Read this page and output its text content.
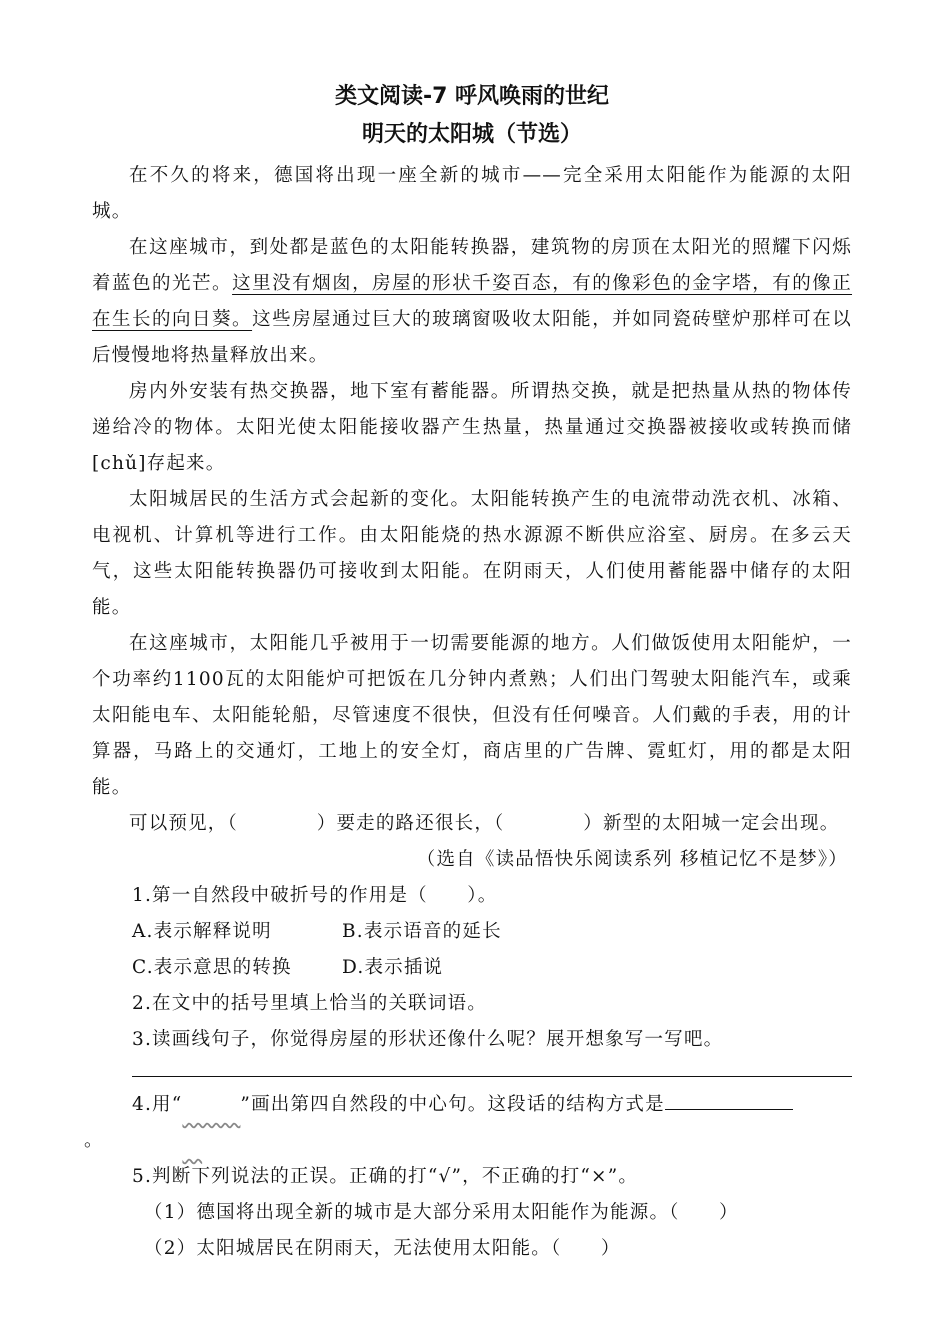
类文阅读-7 呼风唤雨的世纪
明天的太阳城（节选）

在不久的将来，德国将出现一座全新的城市——完全采用太阳能作为能源的太阳城。

在这座城市，到处都是蓝色的太阳能转换器，建筑物的房顶在太阳光的照耀下闪烁着蓝色的光芒。这里没有烟囱，房屋的形状千姿百态，有的像彩色的金字塔，有的像正在生长的向日葵。这些房屋通过巨大的玻璃窗吸收太阳能，并如同瓷砖壁炉那样可在以后慢慢地将热量释放出来。

房内外安装有热交换器，地下室有蓄能器。所谓热交换，就是把热量从热的物体传递给冷的物体。太阳光使太阳能接收器产生热量，热量通过交换器被接收或转换而储[chǔ]存起来。

太阳城居民的生活方式会起新的变化。太阳能转换产生的电流带动洗衣机、冰箱、电视机、计算机等进行工作。由太阳能烧的热水源源不断供应浴室、厨房。在多云天气，这些太阳能转换器仍可接收到太阳能。在阴雨天，人们使用蓄能器中储存的太阳能。

在这座城市，太阳能几乎被用于一切需要能源的地方。人们做饭使用太阳能炉，一个功率约1100瓦的太阳能炉可把饭在几分钟内煮熟；人们出门驾驶太阳能汽车，或乘太阳能电车、太阳能轮船，尽管速度不很快，但没有任何噪音。人们戴的手表，用的计算器，马路上的交通灯，工地上的安全灯，商店里的广告牌、霓虹灯，用的都是太阳能。

可以预见，（　　　　）要走的路还很长，（　　　　）新型的太阳城一定会出现。

（选自《读品悟快乐阅读系列 移植记忆不是梦》）

1.第一自然段中破折号的作用是（　　）。

A.表示解释说明	B.表示语音的延长

C.表示意思的转换	D.表示插说

2.在文中的括号里填上恰当的关联词语。

3.读画线句子，你觉得房屋的形状还像什么呢？展开想象写一写吧。

4.用“	”画出第四自然段的中心句。这段话的结构方式是

。

5.判断下列说法的正误。正确的打“√”，不正确的打“×”。

（1）德国将出现全新的城市是大部分采用太阳能作为能源。（　　）

（2）太阳城居民在阴雨天，无法使用太阳能。（　　）
